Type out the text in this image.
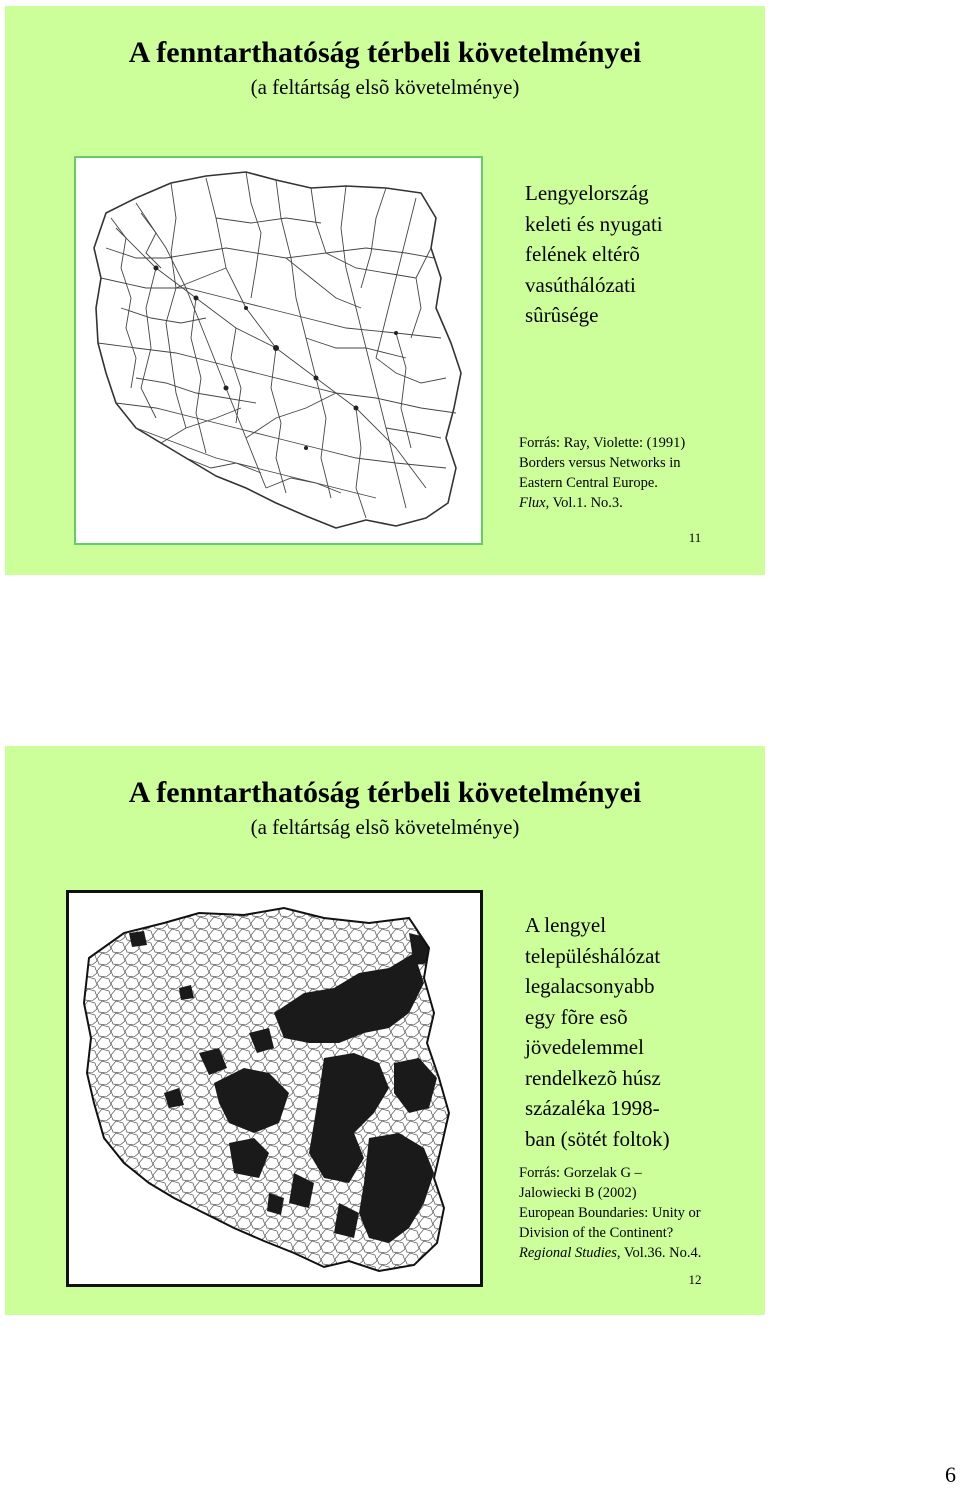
A fenntarthatóság térbeli követelményei
(a feltártság elsõ követelménye)
Lengyelország
keleti és nyugati
felének eltérõ
vasúthálózati
sûrûsége
Forrás: Ray, Violette: (1991)
Borders versus Networks in
Eastern Central Europe.
Flux, Vol.1. No.3.
11
A fenntarthatóság térbeli követelményei
(a feltártság elsõ követelménye)
A lengyel
településhálózat
legalacsonyabb
egy fõre esõ
jövedelemmel
rendelkezõ húsz
százaléka 1998-
ban (sötét foltok)
Forrás: Gorzelak G –
Jalowiecki B (2002)
European Boundaries: Unity or
Division of the Continent?
Regional Studies, Vol.36. No.4.
12
6
